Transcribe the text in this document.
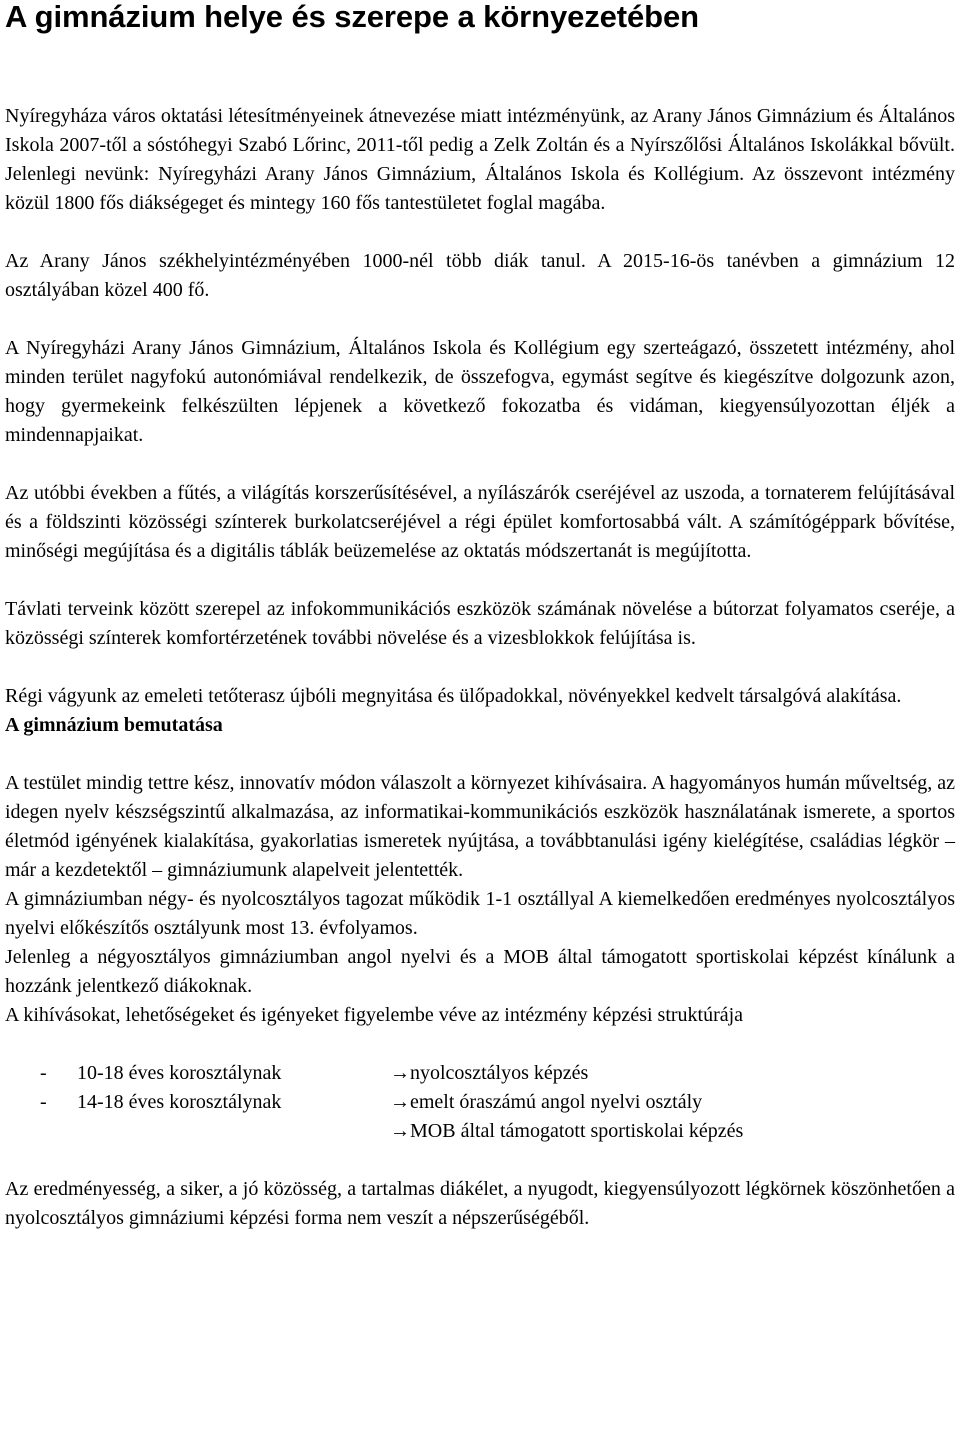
A gimnázium helye és szerepe a környezetében

Nyíregyháza város oktatási létesítményeinek átnevezése miatt intézményünk, az Arany János Gimnázium és Általános Iskola 2007-től a sóstóhegyi Szabó Lőrinc, 2011-től pedig a Zelk Zoltán és a Nyírszőlősi Általános Iskolákkal bővült. Jelenlegi nevünk: Nyíregyházi Arany János Gimnázium, Általános Iskola és Kollégium. Az összevont intézmény közül 1800 fős diákségeget és mintegy 160 fős tantestületet foglal magába.

Az Arany János székhelyintézményében 1000-nél több diák tanul. A 2015-16-ös tanévben a gimnázium 12 osztályában közel 400 fő.

A Nyíregyházi Arany János Gimnázium, Általános Iskola és Kollégium egy szerteágazó, összetett intézmény, ahol minden terület nagyfokú autonómiával rendelkezik, de összefogva, egymást segítve és kiegészítve dolgozunk azon, hogy gyermekeink felkészülten lépjenek a következő fokozatba és vidáman, kiegyensúlyozottan éljék a mindennapjaikat.

Az utóbbi években a fűtés, a világítás korszerűsítésével, a nyílászárók cseréjével az uszoda, a tornaterem felújításával és a földszinti közösségi színterek burkolatcseréjével a régi épület komfortosabbá vált. A számítógéppark bővítése, minőségi megújítása és a digitális táblák beüzemelése az oktatás módszertanát is megújította.

Távlati terveink között szerepel az infokommunikációs eszközök számának növelése a bútorzat folyamatos cseréje, a közösségi színterek komfortérzetének további növelése és a vizesblokkok felújítása is.

Régi vágyunk az emeleti tetőterasz újbóli megnyitása és ülőpadokkal, növényekkel kedvelt társalgóvá alakítása.

A gimnázium bemutatása

A testület mindig tettre kész, innovatív módon válaszolt a környezet kihívásaira. A hagyományos humán műveltség, az idegen nyelv készségszintű alkalmazása, az informatikai-kommunikációs eszközök használatának ismerete, a sportos életmód igényének kialakítása, gyakorlatias ismeretek nyújtása, a továbbtanulási igény kielégítése, családias légkör – már a kezdetektől – gimnáziumunk alapelveit jelentették.

A gimnáziumban négy- és nyolcosztályos tagozat működik 1-1 osztállyal A kiemelkedően eredményes nyolcosztályos nyelvi előkészítős osztályunk most 13. évfolyamos.

Jelenleg a négyosztályos gimnáziumban angol nyelvi és a MOB által támogatott sportiskolai képzést kínálunk a hozzánk jelentkező diákoknak.

A kihívásokat, lehetőségeket és igényeket figyelembe véve az intézmény képzési struktúrája

-	10-18 éves korosztálynak	→ nyolcosztályos képzés
-	14-18 éves korosztálynak	→ emelt óraszámú angol nyelvi osztály
→ MOB által támogatott sportiskolai képzés

Az eredményesség, a siker, a jó közösség, a tartalmas diákélet, a nyugodt, kiegyensúlyozott légkörnek köszönhetően a nyolcosztályos gimnáziumi képzési forma nem veszít a népszerűségéből.
